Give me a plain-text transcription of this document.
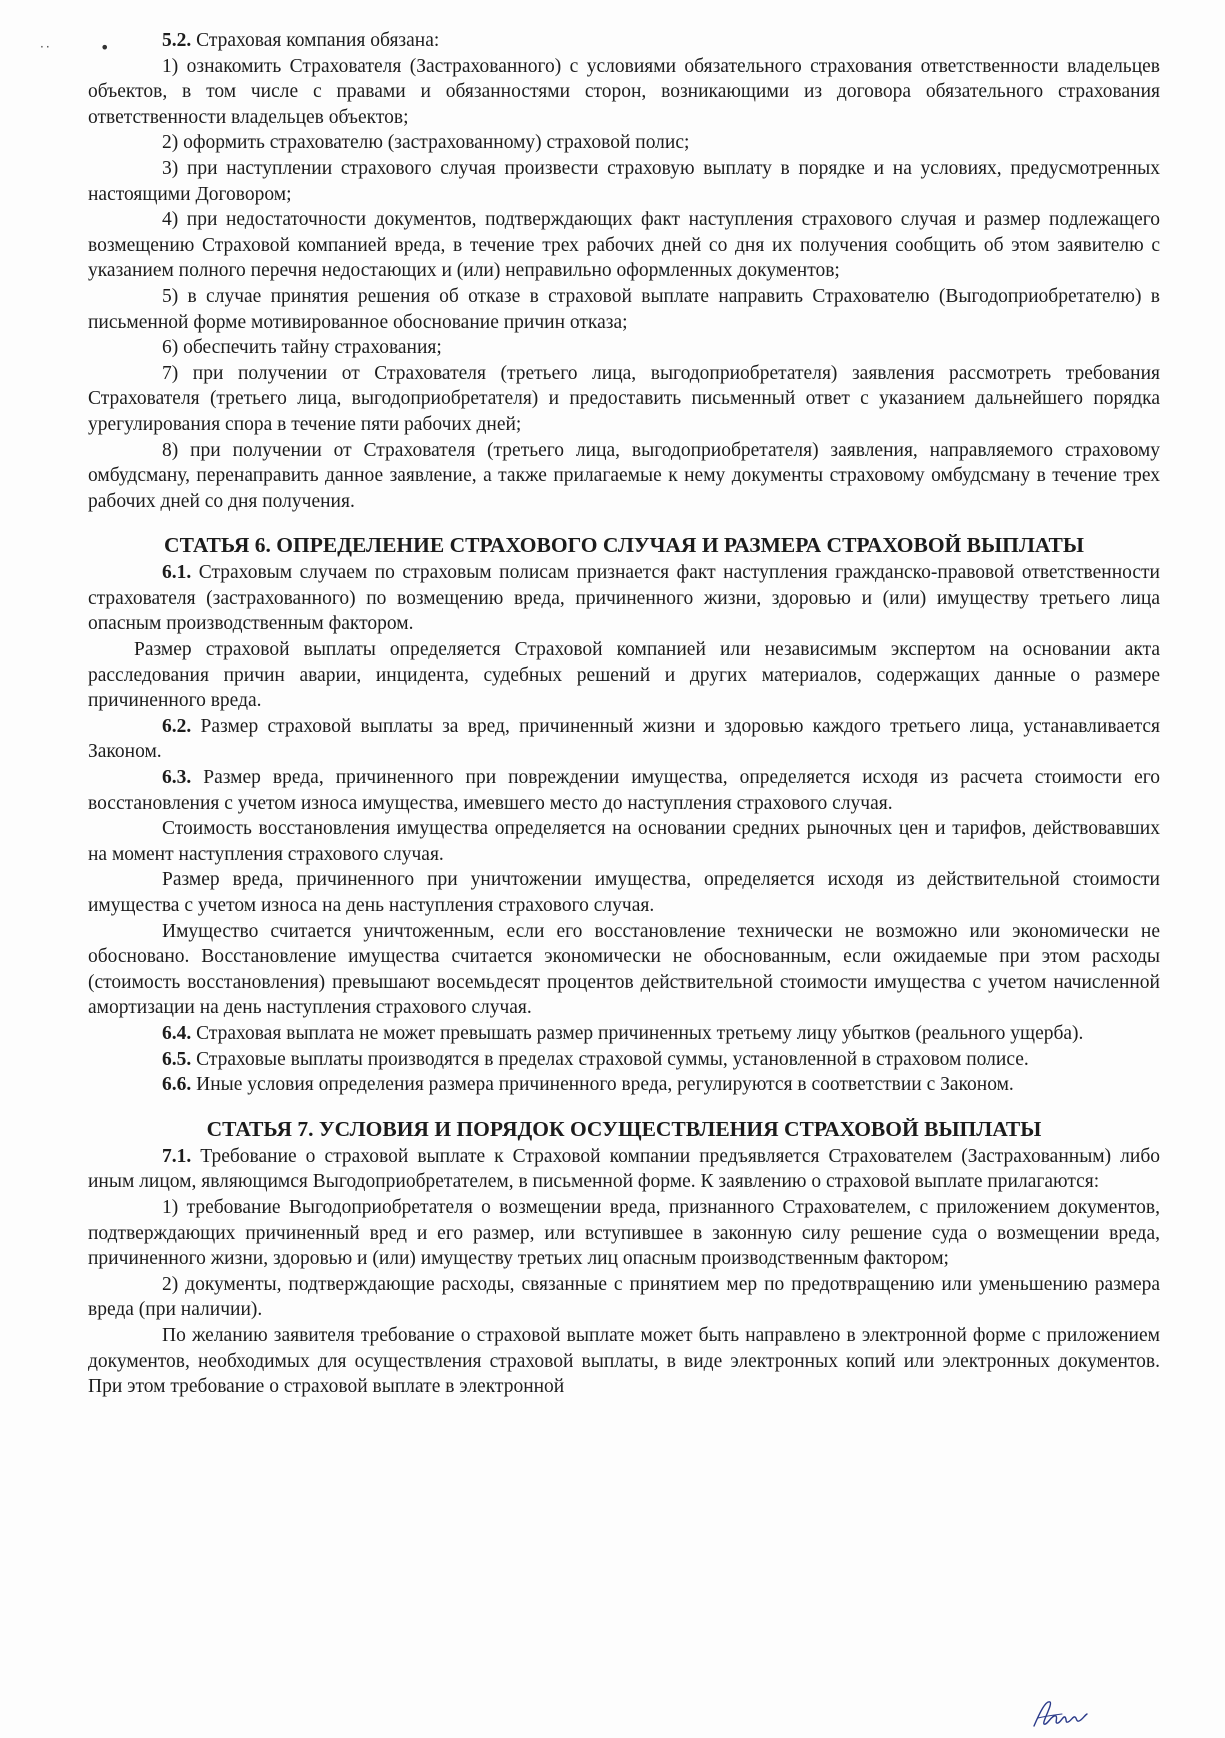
··	•	5.2. Страховая компания обязана:

1) ознакомить Страхователя (Застрахованного) с условиями обязательного страхования ответственности владельцев объектов, в том числе с правами и обязанностями сторон, возникающими из договора обязательного страхования ответственности владельцев объектов;

2) оформить страхователю (застрахованному) страховой полис;

3) при наступлении страхового случая произвести страховую выплату в порядке и на условиях, предусмотренных настоящими Договором;

4) при недостаточности документов, подтверждающих факт наступления страхового случая и размер подлежащего возмещению Страховой компанией вреда, в течение трех рабочих дней со дня их получения сообщить об этом заявителю с указанием полного перечня недостающих и (или) неправильно оформленных документов;

5) в случае принятия решения об отказе в страховой выплате направить Страхователю (Выгодоприобретателю) в письменной форме мотивированное обоснование причин отказа;

6) обеспечить тайну страхования;

7) при получении от Страхователя (третьего лица, выгодоприобретателя) заявления рассмотреть требования Страхователя (третьего лица, выгодоприобретателя) и предоставить письменный ответ с указанием дальнейшего порядка урегулирования спора в течение пяти рабочих дней;

8) при получении от Страхователя (третьего лица, выгодоприобретателя) заявления, направляемого страховому омбудсману, перенаправить данное заявление, а также прилагаемые к нему документы страховому омбудсману в течение трех рабочих дней со дня получения.

СТАТЬЯ 6. ОПРЕДЕЛЕНИЕ СТРАХОВОГО СЛУЧАЯ И РАЗМЕРА СТРАХОВОЙ ВЫПЛАТЫ

6.1. Страховым случаем по страховым полисам признается факт наступления гражданско-правовой ответственности страхователя (застрахованного) по возмещению вреда, причиненного жизни, здоровью и (или) имуществу третьего лица опасным производственным фактором.

Размер страховой выплаты определяется Страховой компанией или независимым экспертом на основании акта расследования причин аварии, инцидента, судебных решений и других материалов, содержащих данные о размере причиненного вреда.

6.2. Размер страховой выплаты за вред, причиненный жизни и здоровью каждого третьего лица, устанавливается Законом.

6.3. Размер вреда, причиненного при повреждении имущества, определяется исходя из расчета стоимости его восстановления с учетом износа имущества, имевшего место до наступления страхового случая.

Стоимость восстановления имущества определяется на основании средних рыночных цен и тарифов, действовавших на момент наступления страхового случая.

Размер вреда, причиненного при уничтожении имущества, определяется исходя из действительной стоимости имущества с учетом износа на день наступления страхового случая.

Имущество считается уничтоженным, если его восстановление технически не возможно или экономически не обосновано. Восстановление имущества считается экономически не обоснованным, если ожидаемые при этом расходы (стоимость восстановления) превышают восемьдесят процентов действительной стоимости имущества с учетом начисленной амортизации на день наступления страхового случая.

6.4. Страховая выплата не может превышать размер причиненных третьему лицу убытков (реального ущерба).

6.5. Страховые выплаты производятся в пределах страховой суммы, установленной в страховом полисе.

6.6. Иные условия определения размера причиненного вреда, регулируются в соответствии с Законом.

СТАТЬЯ 7. УСЛОВИЯ И ПОРЯДОК ОСУЩЕСТВЛЕНИЯ СТРАХОВОЙ ВЫПЛАТЫ

7.1. Требование о страховой выплате к Страховой компании предъявляется Страхователем (Застрахованным) либо иным лицом, являющимся Выгодоприобретателем, в письменной форме. К заявлению о страховой выплате прилагаются:

1) требование Выгодоприобретателя о возмещении вреда, признанного Страхователем, с приложением документов, подтверждающих причиненный вред и его размер, или вступившее в законную силу решение суда о возмещении вреда, причиненного жизни, здоровью и (или) имуществу третьих лиц опасным производственным фактором;

2) документы, подтверждающие расходы, связанные с принятием мер по предотвращению или уменьшению размера вреда (при наличии).

По желанию заявителя требование о страховой выплате может быть направлено в электронной форме с приложением документов, необходимых для осуществления страховой выплаты, в виде электронных копий или электронных документов. При этом требование о страховой выплате в электронной
